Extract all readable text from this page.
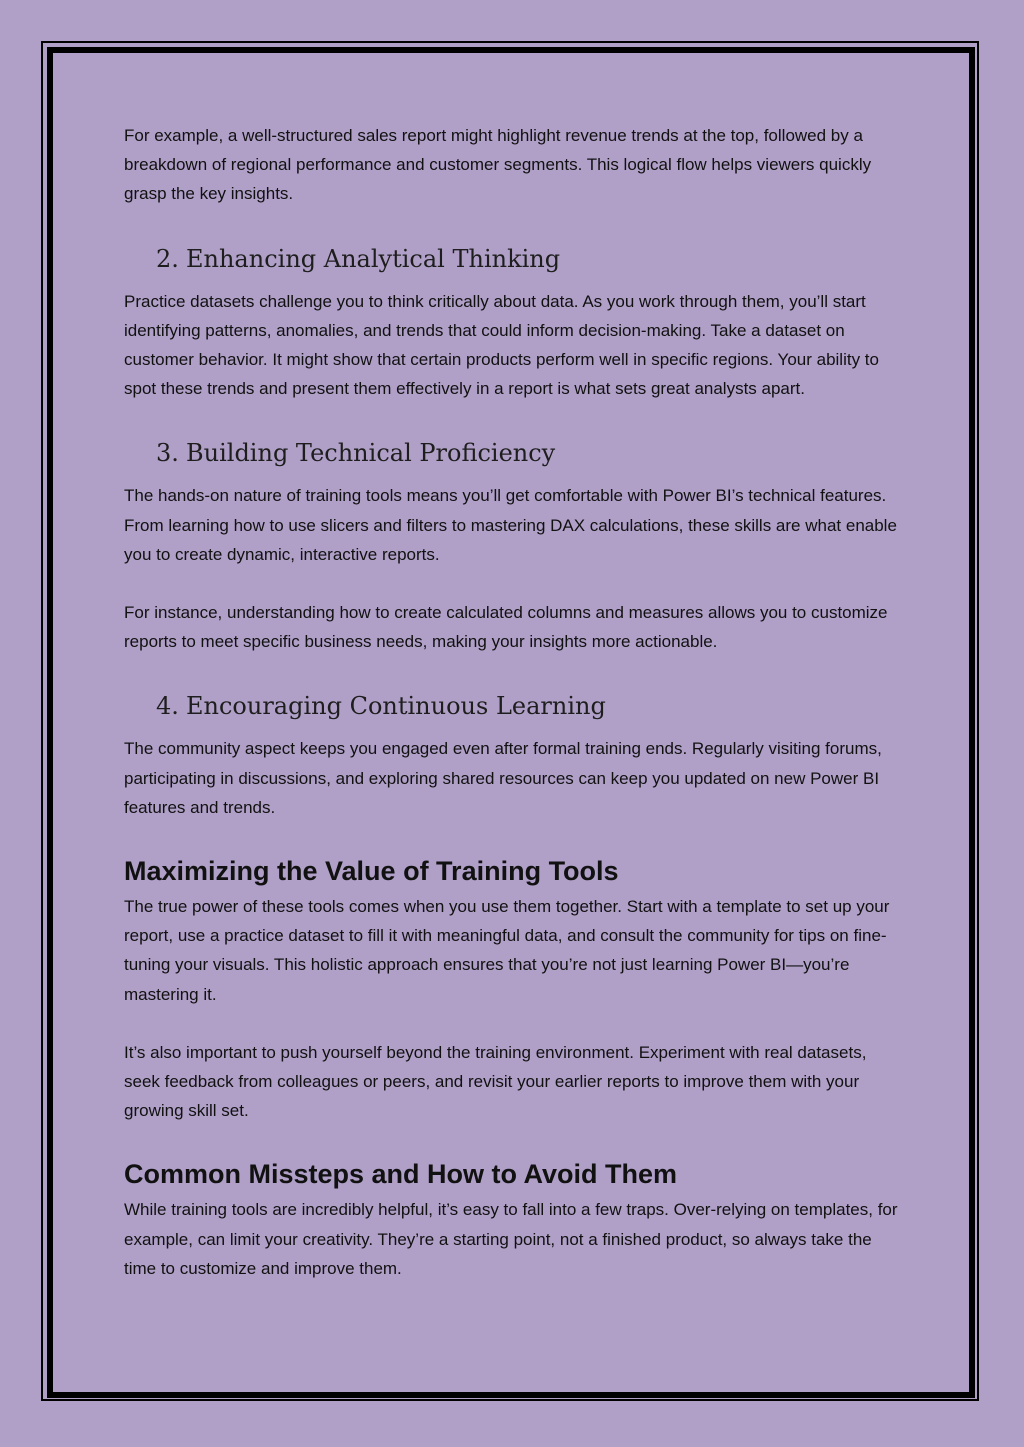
For example, a well-structured sales report might highlight revenue trends at the top, followed by a breakdown of regional performance and customer segments. This logical flow helps viewers quickly grasp the key insights.

2. Enhancing Analytical Thinking

Practice datasets challenge you to think critically about data. As you work through them, you’ll start identifying patterns, anomalies, and trends that could inform decision-making. Take a dataset on customer behavior. It might show that certain products perform well in specific regions. Your ability to spot these trends and present them effectively in a report is what sets great analysts apart.

3. Building Technical Proficiency

The hands-on nature of training tools means you’ll get comfortable with Power BI’s technical features. From learning how to use slicers and filters to mastering DAX calculations, these skills are what enable you to create dynamic, interactive reports.

For instance, understanding how to create calculated columns and measures allows you to customize reports to meet specific business needs, making your insights more actionable.

4. Encouraging Continuous Learning

The community aspect keeps you engaged even after formal training ends. Regularly visiting forums, participating in discussions, and exploring shared resources can keep you updated on new Power BI features and trends.

Maximizing the Value of Training Tools

The true power of these tools comes when you use them together. Start with a template to set up your report, use a practice dataset to fill it with meaningful data, and consult the community for tips on fine-tuning your visuals. This holistic approach ensures that you’re not just learning Power BI—you’re mastering it.

It’s also important to push yourself beyond the training environment. Experiment with real datasets, seek feedback from colleagues or peers, and revisit your earlier reports to improve them with your growing skill set.

Common Missteps and How to Avoid Them

While training tools are incredibly helpful, it’s easy to fall into a few traps. Over-relying on templates, for example, can limit your creativity. They’re a starting point, not a finished product, so always take the time to customize and improve them.
